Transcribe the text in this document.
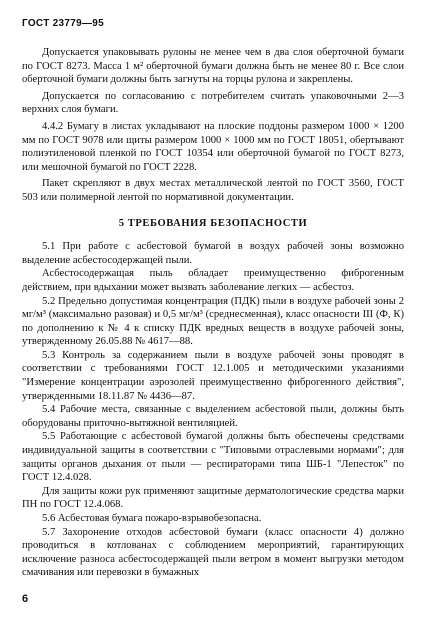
ГОСТ 23779—95

Допускается упаковывать рулоны не менее чем в два слоя оберточной бумаги по ГОСТ 8273. Масса 1 м² оберточной бумаги должна быть не менее 80 г. Все слои оберточной бумаги должны быть загнуты на торцы рулона и закреплены.

Допускается по согласованию с потребителем считать упаковочными 2—3 верхних слоя бумаги.

4.4.2 Бумагу в листах укладывают на плоские поддоны размером 1000 × 1200 мм по ГОСТ 9078 или щиты размером 1000 × 1000 мм по ГОСТ 18051, обертывают полиэтиленовой пленкой по ГОСТ 10354 или оберточной бумагой по ГОСТ 8273, или мешочной бумагой по ГОСТ 2228.

Пакет скрепляют в двух местах металлической лентой по ГОСТ 3560, ГОСТ 503 или полимерной лентой по нормативной документации.

5 ТРЕБОВАНИЯ БЕЗОПАСНОСТИ

5.1 При работе с асбестовой бумагой в воздух рабочей зоны возможно выделение асбестосодержащей пыли.

Асбестосодержащая пыль обладает преимущественно фиброгенным действием, при вдыхании может вызвать заболевание легких — асбестоз.

5.2 Предельно допустимая концентрация (ПДК) пыли в воздухе рабочей зоны 2 мг/м³ (максимально разовая) и 0,5 мг/м³ (среднесменная), класс опасности III (Ф, К) по дополнению к № 4 к списку ПДК вредных веществ в воздухе рабочей зоны, утвержденному 26.05.88 № 4617—88.

5.3 Контроль за содержанием пыли в воздухе рабочей зоны проводят в соответствии с требованиями ГОСТ 12.1.005 и методическими указаниями "Измерение концентрации аэрозолей преимущественно фиброгенного действия", утвержденными 18.11.87 № 4436—87.

5.4 Рабочие места, связанные с выделением асбестовой пыли, должны быть оборудованы приточно-вытяжной вентиляцией.

5.5 Работающие с асбестовой бумагой должны быть обеспечены средствами индивидуальной защиты в соответствии с "Типовыми отраслевыми нормами"; для защиты органов дыхания от пыли — респираторами типа ШБ-1 "Лепесток" по ГОСТ 12.4.028.

Для защиты кожи рук применяют защитные дерматологические средства марки ПН по ГОСТ 12.4.068.

5.6 Асбестовая бумага пожаро-взрывобезопасна.

5.7 Захоронение отходов асбестовой бумаги (класс опасности 4) должно проводиться в котлованах с соблюдением мероприятий, гарантирующих исключение разноса асбестосодержащей пыли ветром в момент выгрузки методом смачивания или перевозки в бумажных

6
